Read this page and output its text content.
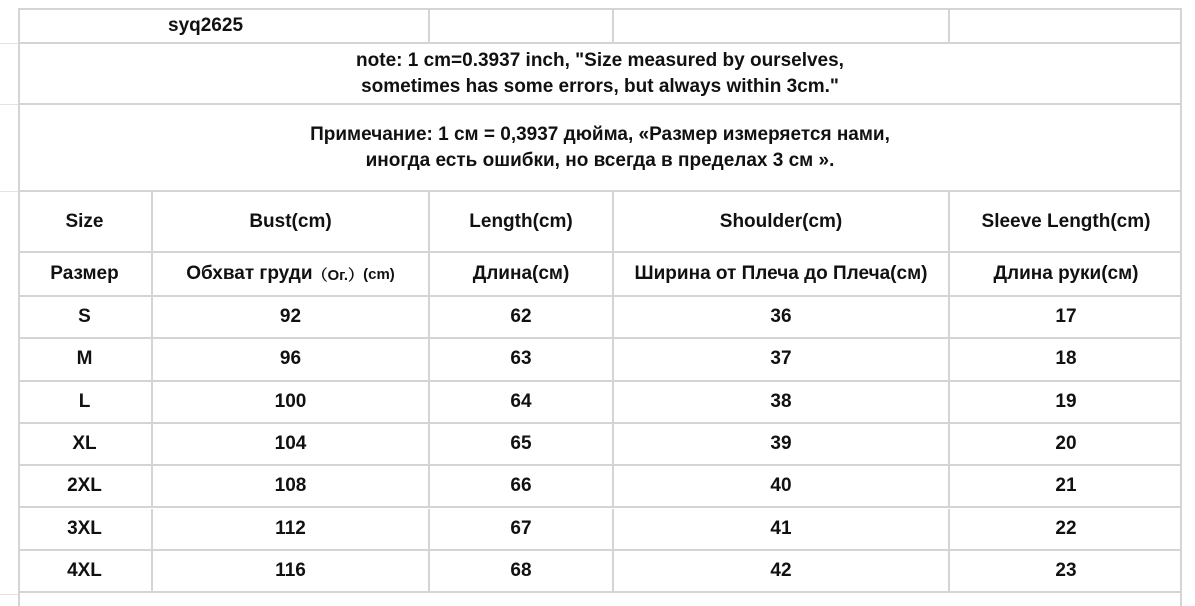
syq2625
note: 1 cm=0.3937 inch, "Size measured by ourselves,
sometimes has some errors, but always within 3cm."
Примечание: 1 см = 0,3937 дюйма, «Размер измеряется нами,
иногда есть ошибки, но всегда в пределах 3 см ».
Size	Bust(cm)	Length(cm)	Shoulder(cm)	Sleeve Length(cm)
Размер	Обхват груди （Ог.） (cm)	Длина(см)	Ширина от Плеча до Плеча(см)	Длина руки(см)
S	92	62	36	17
M	96	63	37	18
L	100	64	38	19
XL	104	65	39	20
2XL	108	66	40	21
3XL	112	67	41	22
4XL	116	68	42	23
